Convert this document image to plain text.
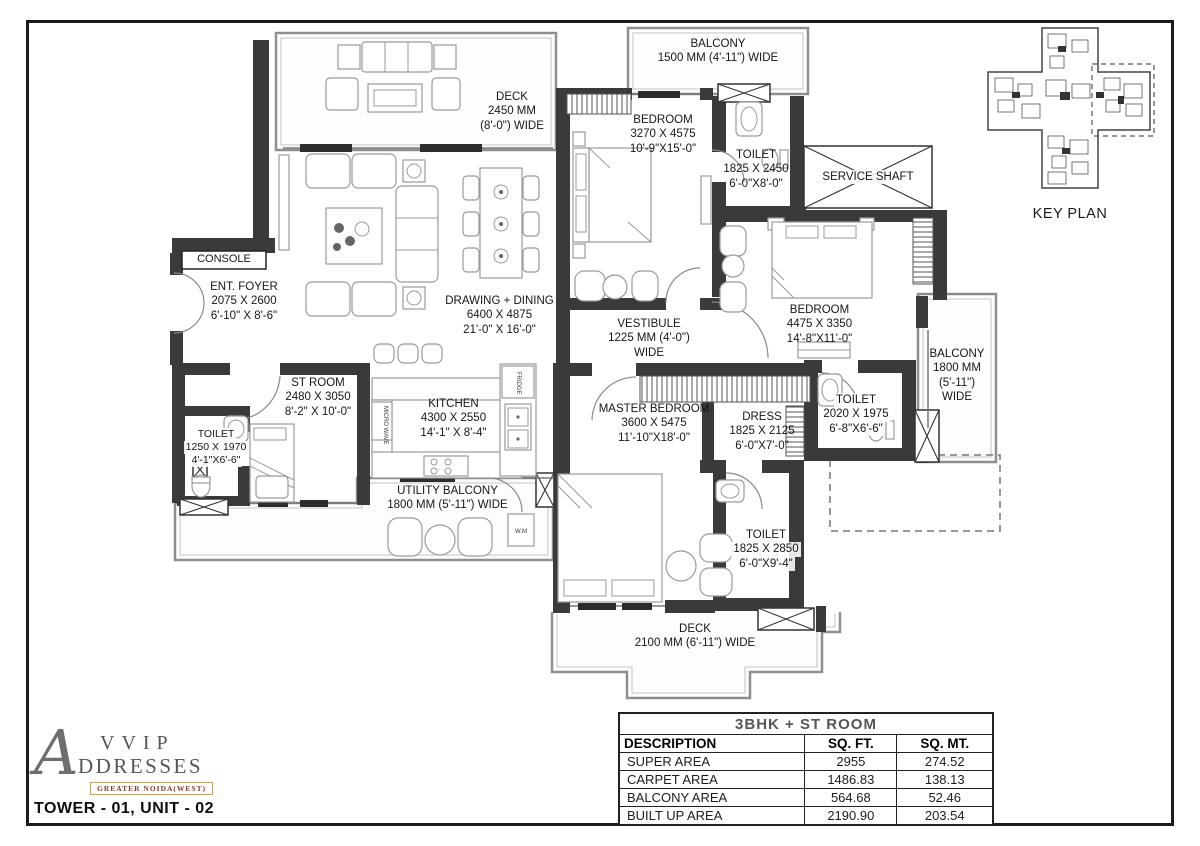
FRIDGE
MICRO WAVE
W.M
DECK
2450 MM
(8'-0") WIDE
BALCONY
1500 MM (4'-11") WIDE
BEDROOM
3270 X 4575
10'-9"X15'-0"
TOILET
1825 X 2450
6'-0"X8'-0"
SERVICE SHAFT
CONSOLE
ENT. FOYER
2075 X 2600
6'-10" X 8'-6"
DRAWING + DINING
6400 X 4875
21'-0" X 16'-0"	VESTIBULE
1225 MM (4'-0")
WIDE
BEDROOM
4475 X 3350
14'-8"X11'-0"
BALCONY
1800 MM
(5'-11")
WIDE
ST ROOM
2480 X 3050
8'-2" X 10'-0"
KITCHEN
4300 X 2550
14'-1" X 8'-4"
MASTER BEDROOM
3600 X 5475
11'-10"X18'-0"
DRESS
1825 X 2125
6'-0"X7'-0"
TOILET2020 X 19756'-8"X6'-6"
TOILET1250 X 19704'-1"X6'-6"
UTILITY BALCONY
1800 MM (5'-11") WIDE
TOILET1825 X 28506'-0"X9'-4"
DECK
2100 MM (6'-11") WIDE
KEY PLAN
3BHK + ST ROOM		
DESCRIPTION	SQ. FT.	SQ. MT.
SUPER AREA	2955	274.52
CARPET AREA	1486.83	138.13
BALCONY AREA	564.68	52.46
BUILT UP AREA	2190.90	203.54
A VVIP
DDRESSES
GREATER NOIDA(WEST)
TOWER - 01, UNIT - 02
